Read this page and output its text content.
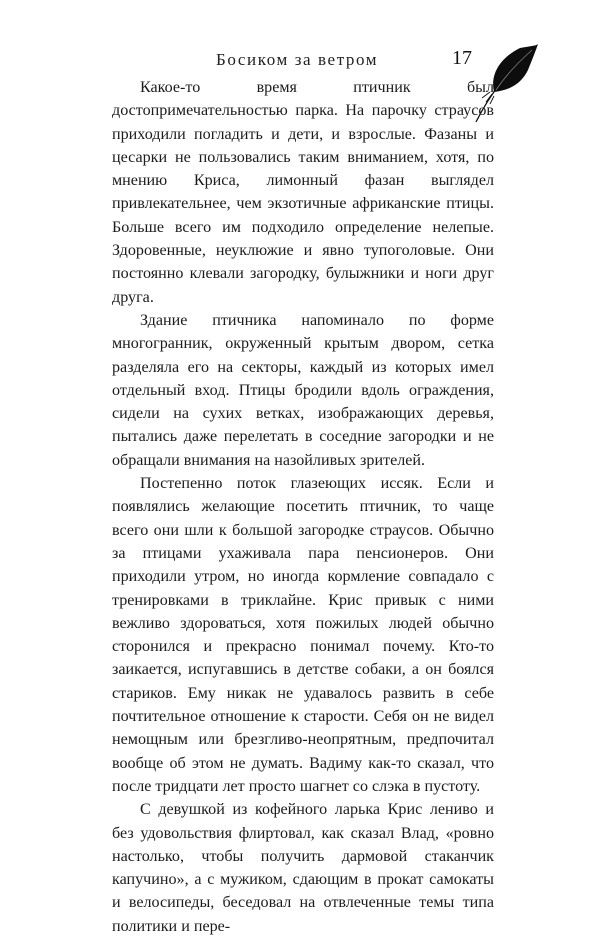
Босиком за ветром	17

Какое-то время птичник был достопримечательностью парка. На парочку страусов приходили погладить и дети, и взрослые. Фазаны и цесарки не пользовались таким вниманием, хотя, по мнению Криса, лимонный фазан выглядел привлекательнее, чем экзотичные африканские птицы. Больше всего им подходило определение нелепые. Здоровенные, неуклюжие и явно тупоголовые. Они постоянно клевали загородку, булыжники и ноги друг друга.

Здание птичника напоминало по форме многогранник, окруженный крытым двором, сетка разделяла его на секторы, каждый из которых имел отдельный вход. Птицы бродили вдоль ограждения, сидели на сухих ветках, изображающих деревья, пытались даже перелетать в соседние загородки и не обращали внимания на назойливых зрителей.

Постепенно поток глазеющих иссяк. Если и появлялись желающие посетить птичник, то чаще всего они шли к большой загородке страусов. Обычно за птицами ухаживала пара пенсионеров. Они приходили утром, но иногда кормление совпадало с тренировками в триклайне. Крис привык с ними вежливо здороваться, хотя пожилых людей обычно сторонился и прекрасно понимал почему. Кто-то заикается, испугавшись в детстве собаки, а он боялся стариков. Ему никак не удавалось развить в себе почтительное отношение к старости. Себя он не видел немощным или брезгливо-неопрятным, предпочитал вообще об этом не думать. Вадиму как-то сказал, что после тридцати лет просто шагнет со слэка в пустоту.

С девушкой из кофейного ларька Крис лениво и без удовольствия флиртовал, как сказал Влад, «ровно настолько, чтобы получить дармовой стаканчик капучино», а с мужиком, сдающим в прокат самокаты и велосипеды, беседовал на отвлеченные темы типа политики и пере-
